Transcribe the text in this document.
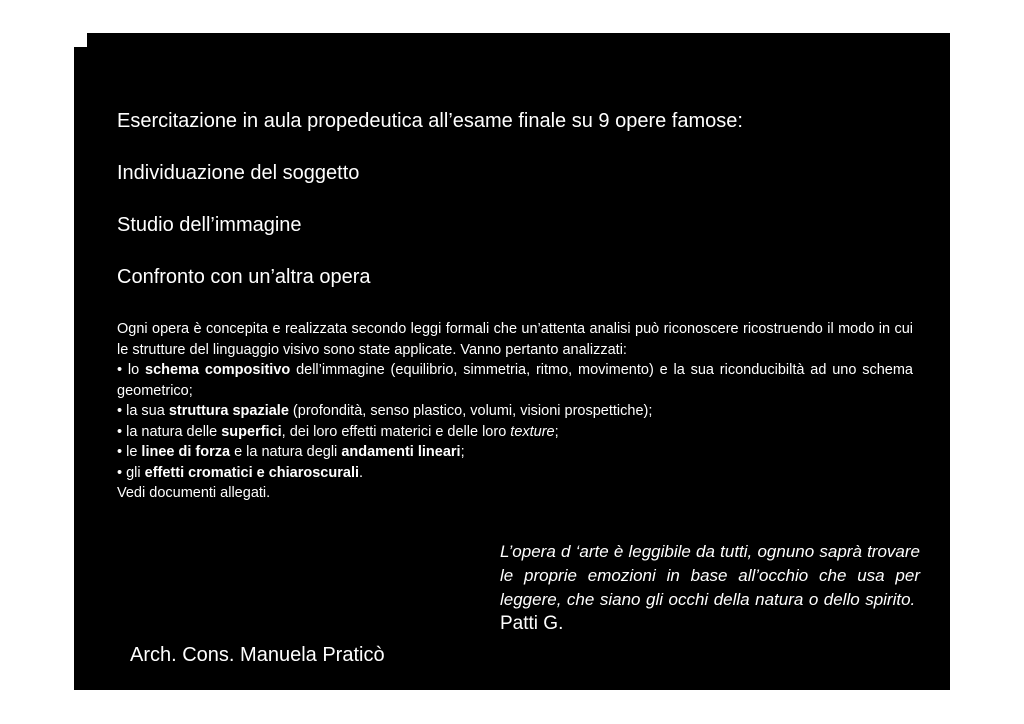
Esercitazione in aula propedeutica all’esame finale su 9 opere famose:
Individuazione del soggetto
Studio dell’immagine
Confronto con un’altra opera

Ogni opera è concepita e realizzata secondo leggi formali che un’attenta analisi può riconoscere ricostruendo il modo in cui le strutture del linguaggio visivo sono state applicate. Vanno pertanto analizzati:

• lo schema compositivo dell’immagine (equilibrio, simmetria, ritmo, movimento) e la sua riconducibiltà ad uno schema geometrico;

• la sua struttura spaziale (profondità, senso plastico, volumi, visioni prospettiche);

• la natura delle superfici, dei loro effetti materici e delle loro texture;

• le linee di forza e la natura degli andamenti lineari;

• gli effetti cromatici e chiaroscurali.

Vedi documenti allegati.

L’opera d ‘arte è leggibile da tutti, ognuno saprà trovare le proprie emozioni in base all’occhio che usa per leggere, che siano gli occhi della natura o dello spirito.  Patti G.
Arch. Cons. Manuela Praticò
